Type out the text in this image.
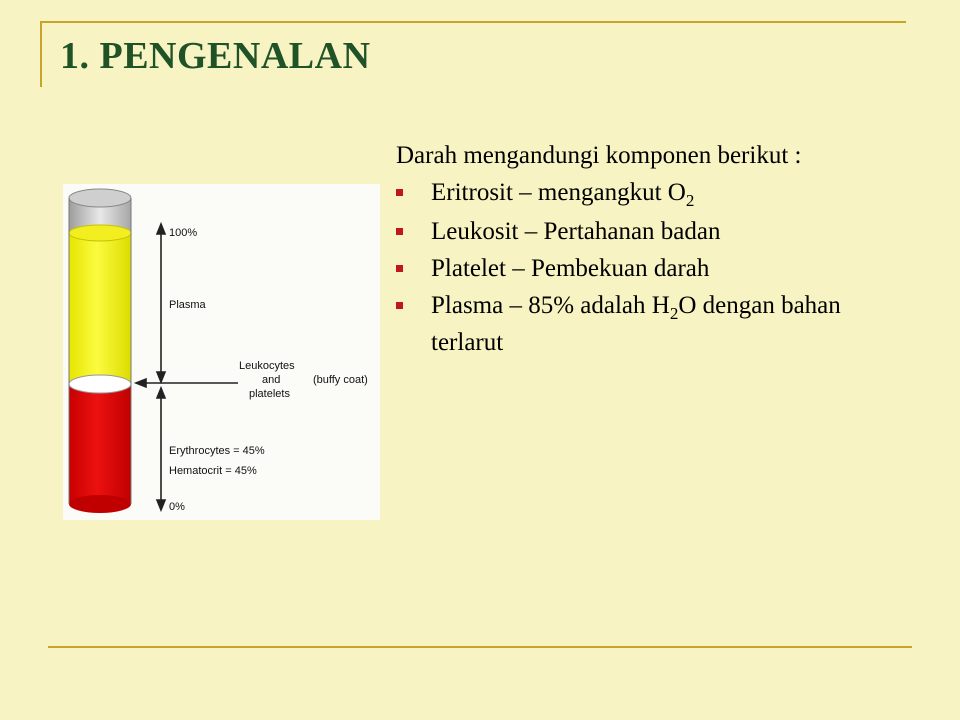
1. PENGENALAN
100%
Plasma
Leukocytes
and
platelets
(buffy coat)
Erythrocytes = 45%
Hematocrit = 45%
0%

Darah mengandungi komponen berikut :

Eritrosit – mengangkut $O_2$
Leukosit – Pertahanan badan
Platelet – Pembekuan darah
Plasma – 85% adalah $H_2O$ dengan bahan terlarut
